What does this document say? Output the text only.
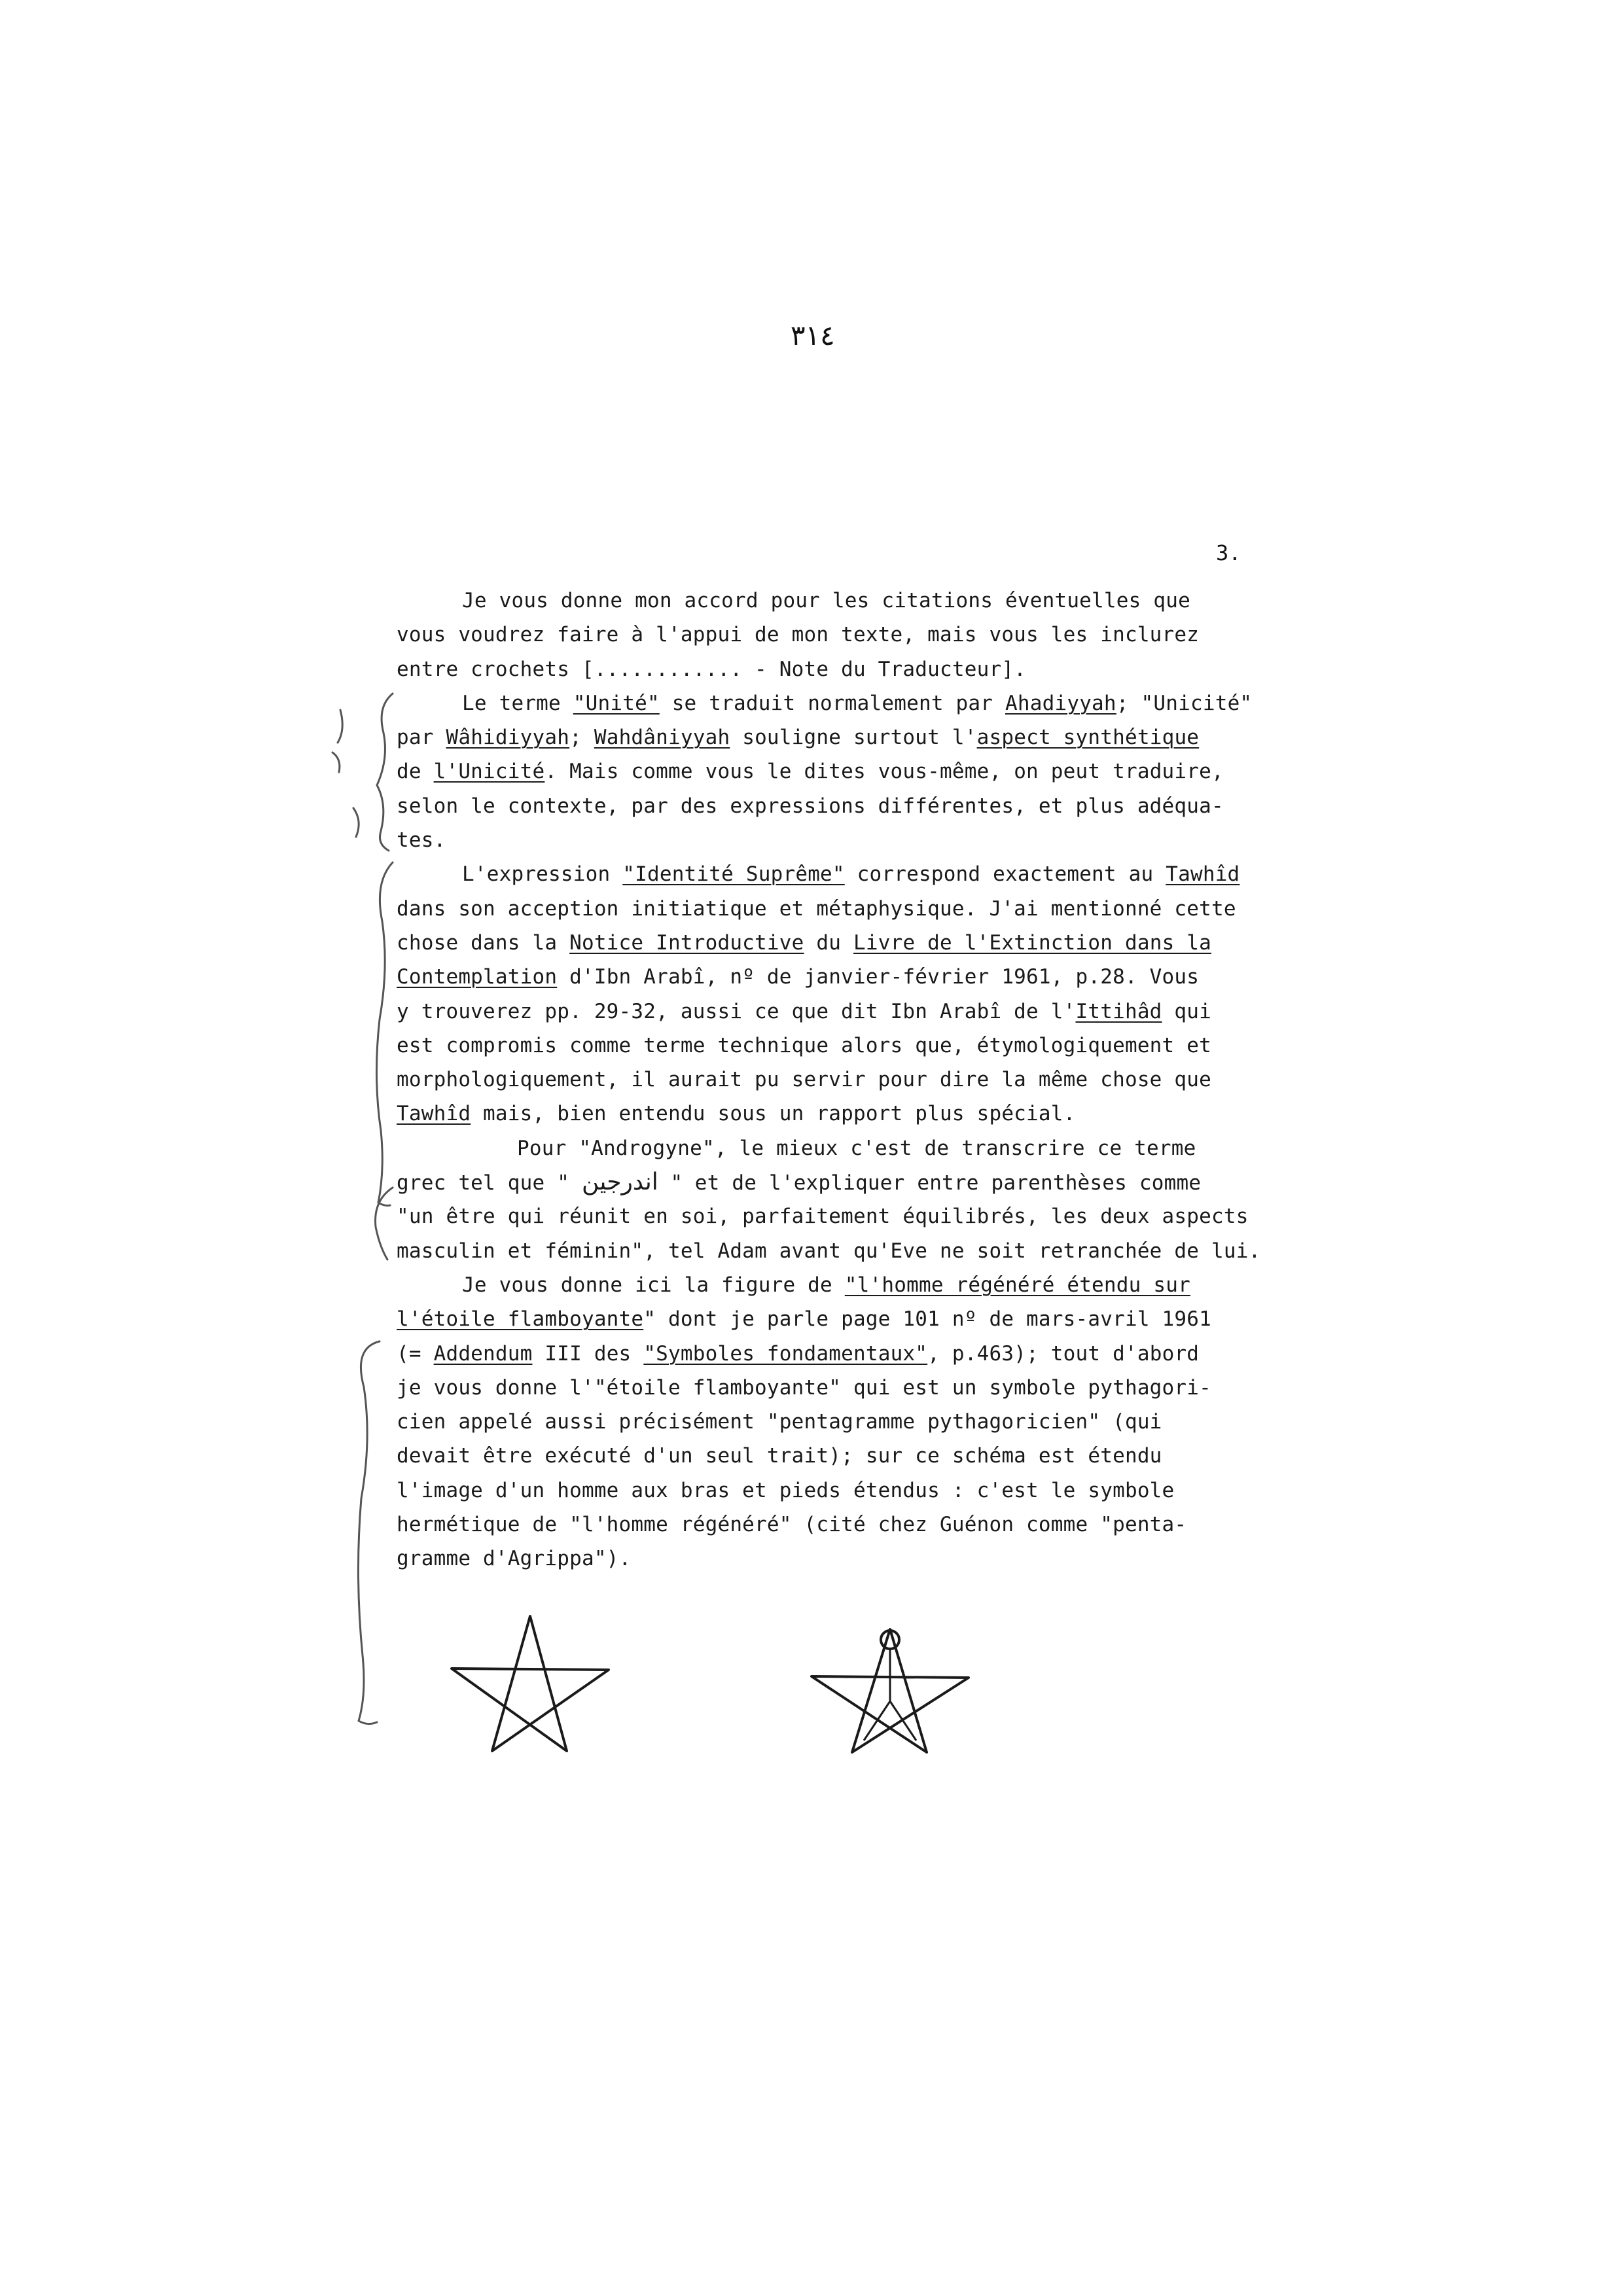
٣١٤
3.
Je vous donne mon accord pour les citations éventuelles que
vous voudrez faire à l'appui de mon texte, mais vous les inclurez
entre crochets [............ - Note du Traducteur].
Le terme "Unité" se traduit normalement par Ahadiyyah; "Unicité"
par Wâhidiyyah; Wahdâniyyah souligne surtout l'aspect synthétique
de l'Unicité. Mais comme vous le dites vous-même, on peut traduire,
selon le contexte, par des expressions différentes, et plus adéqua-
tes.
L'expression "Identité Suprême" correspond exactement au Tawhîd
dans son acception initiatique et métaphysique. J'ai mentionné cette
chose dans la Notice Introductive du Livre de l'Extinction dans la
Contemplation d'Ibn Arabî, nº de janvier-février 1961, p.28. Vous
y trouverez pp. 29-32, aussi ce que dit Ibn Arabî de l'Ittihâd qui
est compromis comme terme technique alors que, étymologiquement et
morphologiquement, il aurait pu servir pour dire la même chose que
Tawhîd mais, bien entendu sous un rapport plus spécial.
Pour "Androgyne", le mieux c'est de transcrire ce terme
grec tel que " اندرجين " et de l'expliquer entre parenthèses comme
"un être qui réunit en soi, parfaitement équilibrés, les deux aspects
masculin et féminin", tel Adam avant qu'Eve ne soit retranchée de lui.
Je vous donne ici la figure de "l'homme régénéré étendu sur
l'étoile flamboyante" dont je parle page 101 nº de mars-avril 1961
(= Addendum III des "Symboles fondamentaux", p.463); tout d'abord
je vous donne l'"étoile flamboyante" qui est un symbole pythagori-
cien appelé aussi précisément "pentagramme pythagoricien" (qui
devait être exécuté d'un seul trait); sur ce schéma est étendu
l'image d'un homme aux bras et pieds étendus : c'est le symbole
hermétique de "l'homme régénéré" (cité chez Guénon comme "penta-
gramme d'Agrippa").
